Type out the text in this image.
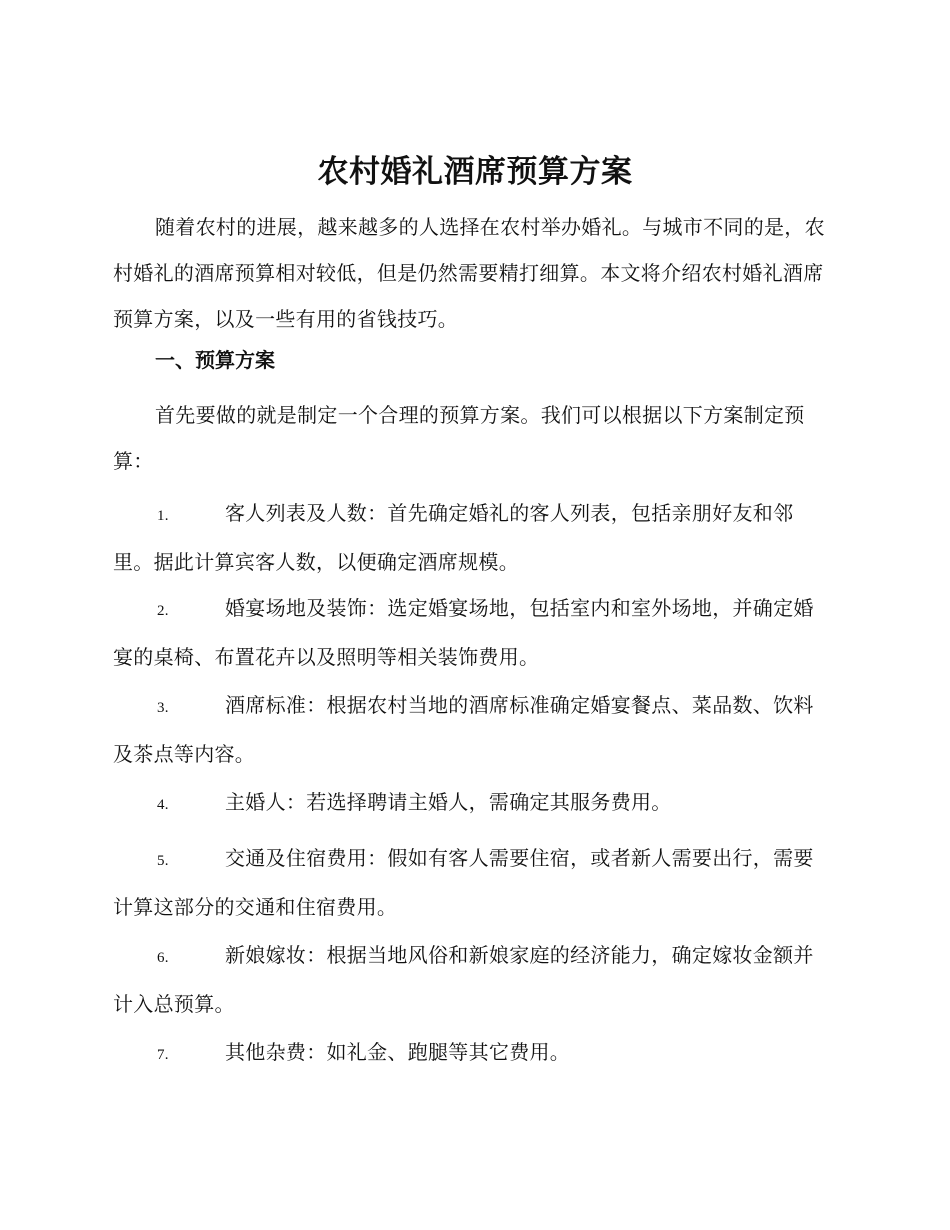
农村婚礼酒席预算方案

随着农村的进展，越来越多的人选择在农村举办婚礼。与城市不同的是，农村婚礼的酒席预算相对较低，但是仍然需要精打细算。本文将介绍农村婚礼酒席预算方案，以及一些有用的省钱技巧。

一、预算方案

首先要做的就是制定一个合理的预算方案。我们可以根据以下方案制定预算：

1.	客人列表及人数：首先确定婚礼的客人列表，包括亲朋好友和邻里。据此计算宾客人数，以便确定酒席规模。

2.	婚宴场地及装饰：选定婚宴场地，包括室内和室外场地，并确定婚宴的桌椅、布置花卉以及照明等相关装饰费用。

3.	酒席标准：根据农村当地的酒席标准确定婚宴餐点、菜品数、饮料及茶点等内容。

4.	主婚人：若选择聘请主婚人，需确定其服务费用。

5.	交通及住宿费用：假如有客人需要住宿，或者新人需要出行，需要计算这部分的交通和住宿费用。

6.	新娘嫁妆：根据当地风俗和新娘家庭的经济能力，确定嫁妆金额并计入总预算。

7.	其他杂费：如礼金、跑腿等其它费用。
